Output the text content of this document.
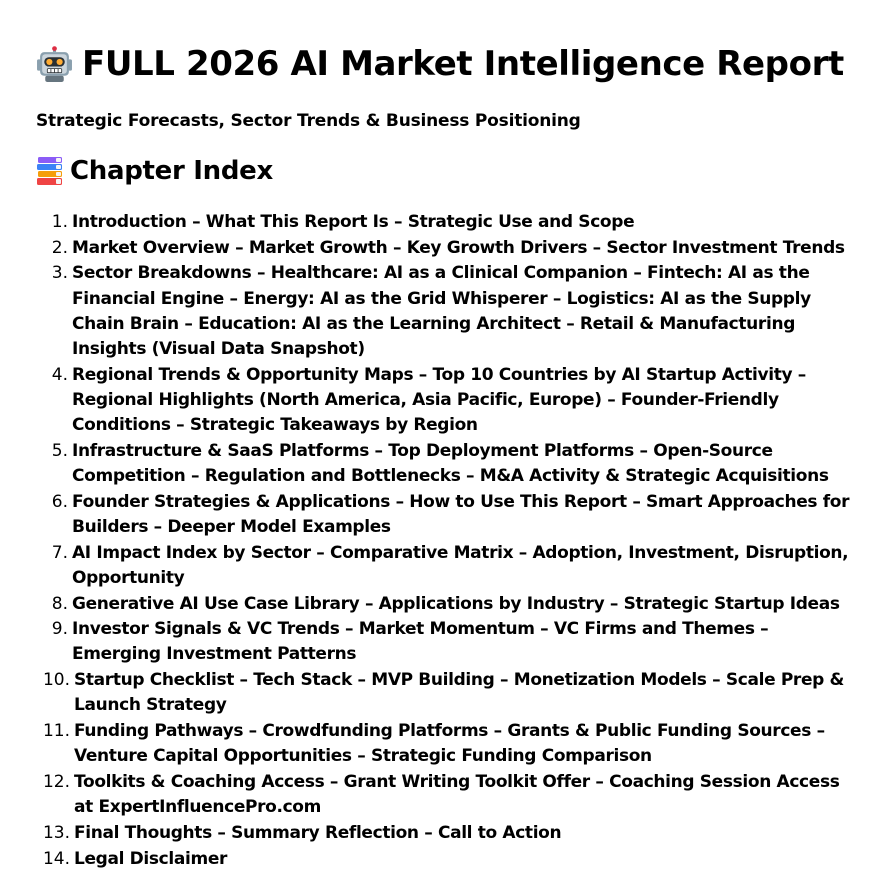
FULL 2026 AI Market Intelligence Report
Strategic Forecasts, Sector Trends & Business Positioning
Chapter Index
1. Introduction – What This Report Is – Strategic Use and Scope
2. Market Overview – Market Growth – Key Growth Drivers – Sector Investment Trends
3. Sector Breakdowns – Healthcare: AI as a Clinical Companion – Fintech: AI as the Financial Engine – Energy: AI as the Grid Whisperer – Logistics: AI as the Supply Chain Brain – Education: AI as the Learning Architect – Retail & Manufacturing Insights (Visual Data Snapshot)
4. Regional Trends & Opportunity Maps – Top 10 Countries by AI Startup Activity – Regional Highlights (North America, Asia Pacific, Europe) – Founder-Friendly Conditions – Strategic Takeaways by Region
5. Infrastructure & SaaS Platforms – Top Deployment Platforms – Open-Source Competition – Regulation and Bottlenecks – M&A Activity & Strategic Acquisitions
6. Founder Strategies & Applications – How to Use This Report – Smart Approaches for Builders – Deeper Model Examples
7. AI Impact Index by Sector – Comparative Matrix – Adoption, Investment, Disruption, Opportunity
8. Generative AI Use Case Library – Applications by Industry – Strategic Startup Ideas
9. Investor Signals & VC Trends – Market Momentum – VC Firms and Themes – Emerging Investment Patterns
10. Startup Checklist – Tech Stack – MVP Building – Monetization Models – Scale Prep & Launch Strategy
11. Funding Pathways – Crowdfunding Platforms – Grants & Public Funding Sources – Venture Capital Opportunities – Strategic Funding Comparison
12. Toolkits & Coaching Access – Grant Writing Toolkit Offer – Coaching Session Access at ExpertInfluencePro.com
13. Final Thoughts – Summary Reflection – Call to Action
14. Legal Disclaimer
